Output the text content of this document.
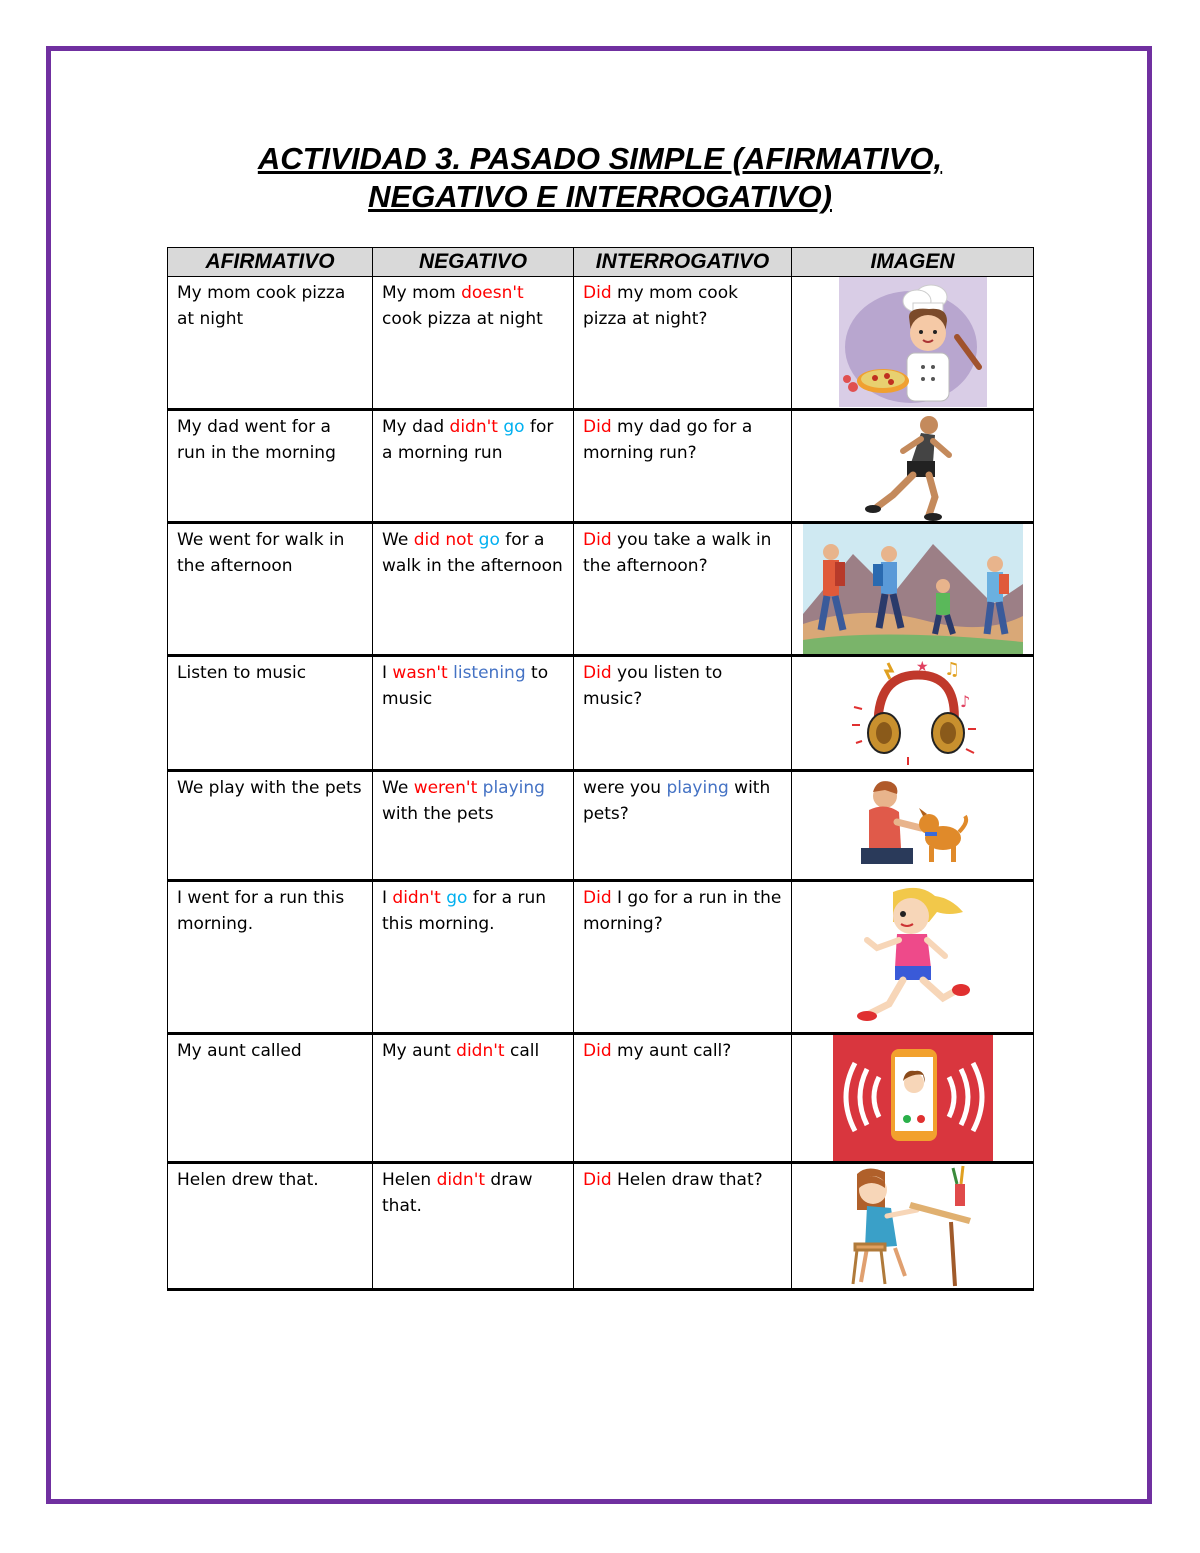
ACTIVIDAD 3. PASADO SIMPLE (AFIRMATIVO,
NEGATIVO E INTERROGATIVO)
AFIRMATIVO	NEGATIVO	INTERROGATIVO	IMAGEN
My mom cook pizza at night	My mom doesn't cook pizza at night	Did my mom cook pizza at night?	

My dad went for a run in the morning	My dad didn't go for a morning run	Did my dad go for a morning run?	

We went for walk in the afternoon	We did not go for a walk in the afternoon	Did you take a walk in the afternoon?	

Listen to music	I wasn't listening to music	Did you listen to music?	★ ♫
♪

We play with the pets	We weren't playing with the pets	were you playing with pets?	

I went for a run this morning.	I didn't go for a run this morning.	Did I go for a run in the morning?	

My aunt called	My aunt didn't call	Did my aunt call?	

Helen drew that.	Helen didn't draw that.	Did Helen draw that?	
